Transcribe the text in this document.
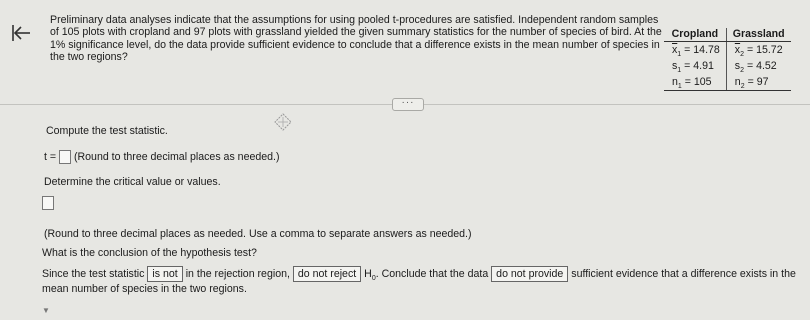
Preliminary data analyses indicate that the assumptions for using pooled t-procedures are satisfied. Independent random samples
of 105 plots with cropland and 97 plots with grassland yielded the given summary statistics for the number of species of bird. At the
1% significance level, do the data provide sufficient evidence to conclude that a difference exists in the mean number of species in
the two regions?
Cropland	Grassland
$\overline{x}_1 = 14.78$	$\overline{x}_2 = 15.72$
$s_1 = 4.91$	$s_2 = 4.52$
$n_1 = 105$	$n_2 = 97$
···
Compute the test statistic.
t = (Round to three decimal places as needed.)
Determine the critical value or values.
(Round to three decimal places as needed. Use a comma to separate answers as needed.)
What is the conclusion of the hypothesis test?
Since the test statistic is not in the rejection region, do not reject $H_0$. Conclude that the data do not provide sufficient evidence that a difference exists in the
mean number of species in the two regions.
▼
